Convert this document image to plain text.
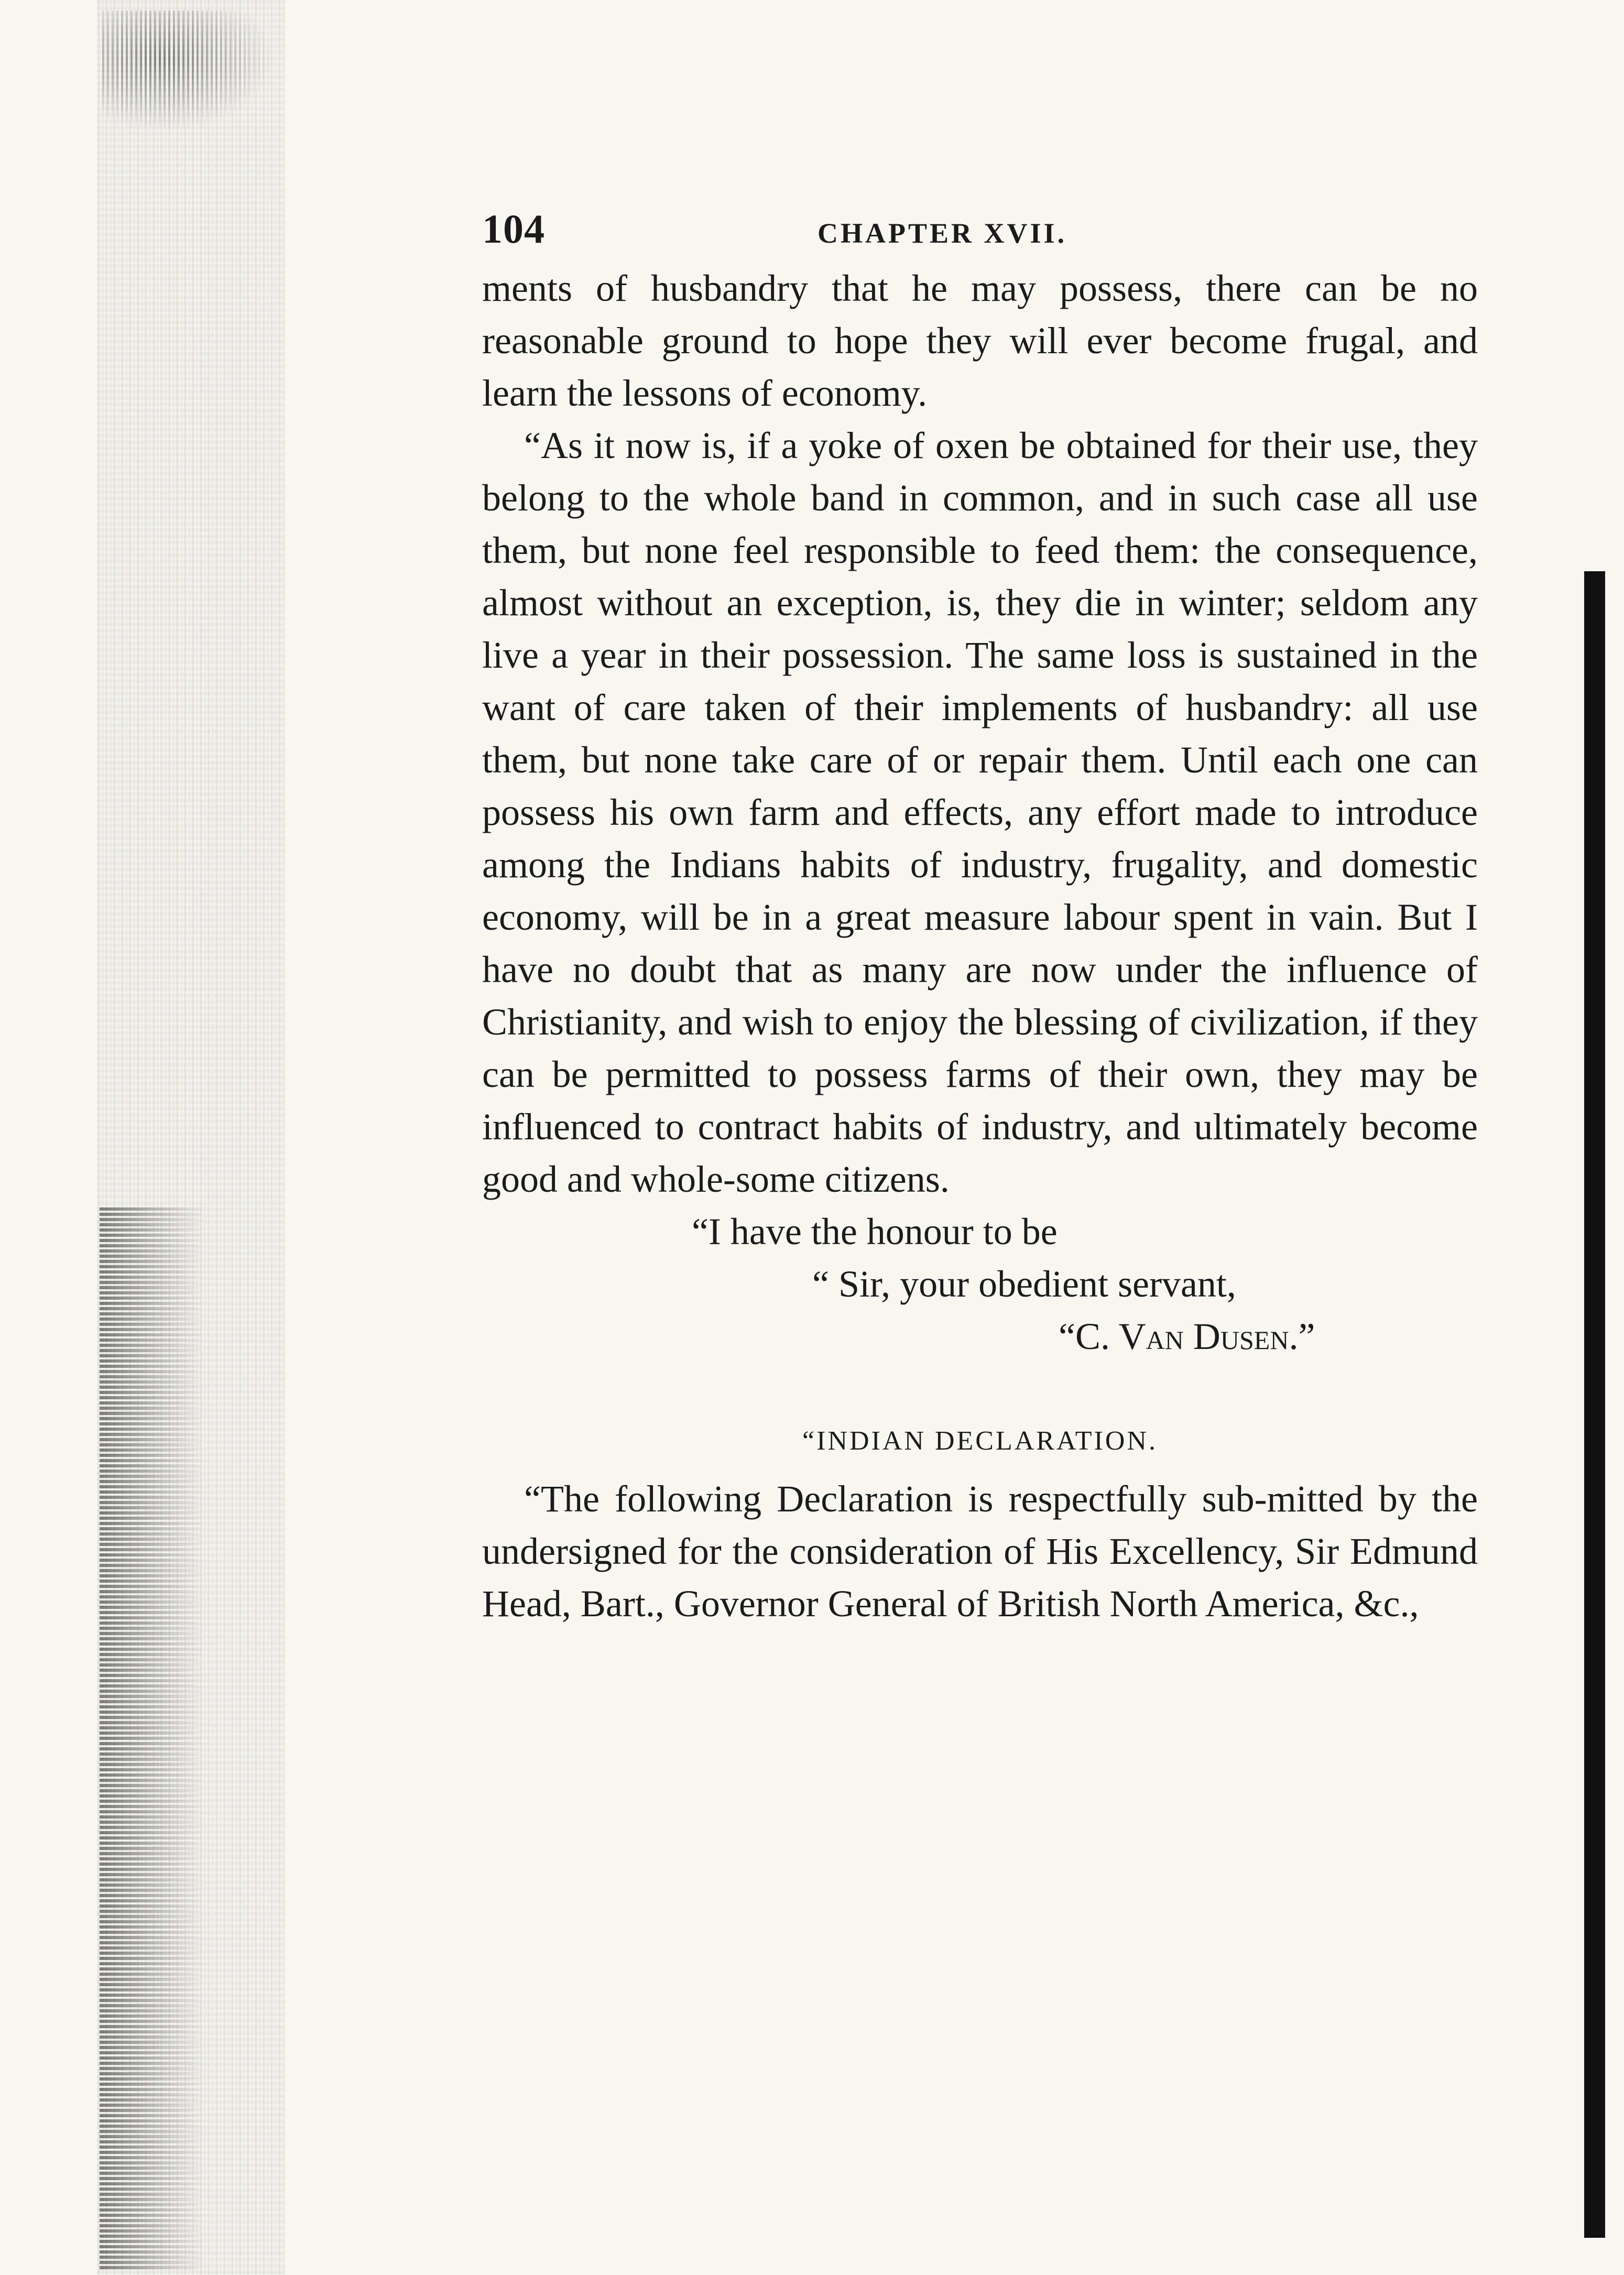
104	CHAPTER XVII.

ments of husbandry that he may possess, there can be no reasonable ground to hope they will ever become frugal, and learn the lessons of economy.

“As it now is, if a yoke of oxen be obtained for their use, they belong to the whole band in common, and in such case all use them, but none feel responsible to feed them: the consequence, almost without an exception, is, they die in winter; seldom any live a year in their possession. The same loss is sustained in the want of care taken of their implements of husbandry: all use them, but none take care of or repair them. Until each one can possess his own farm and effects, any effort made to introduce among the Indians habits of industry, frugality, and domestic economy, will be in a great measure labour spent in vain. But I have no doubt that as many are now under the influence of Christianity, and wish to enjoy the blessing of civilization, if they can be permitted to possess farms of their own, they may be influenced to contract habits of industry, and ultimately become good and whole-some citizens.

“I have the honour to be
“ Sir, your obedient servant,
“C. Van Dusen.”
“INDIAN DECLARATION.

“The following Declaration is respectfully sub-mitted by the undersigned for the consideration of His Excellency, Sir Edmund Head, Bart., Governor General of British North America, &c.,
